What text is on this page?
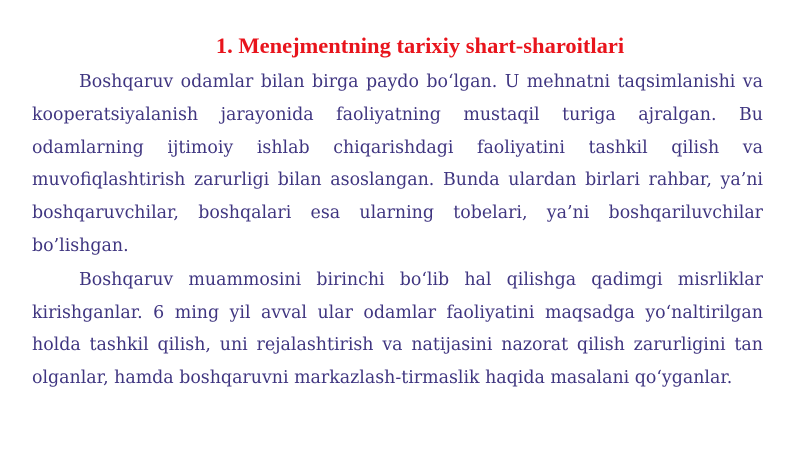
1. Menejmentning tarixiy shart-sharoitlari

Boshqaruv odamlar bilan birga paydo bo‘lgan. U mehnatni taqsimlanishi va kooperatsiyalanish jarayonida faoliyatning mustaqil turiga ajralgan. Bu odamlarning ijtimoiy ishlab chiqarishdagi faoliyatini tashkil qilish va muvofiqlashtirish zarurligi bilan asoslangan. Bunda ulardan birlari rahbar, ya’ni boshqaruvchilar, boshqalari esa ularning tobelari, ya’ni boshqariluvchilar bo’lishgan.

Boshqaruv muammosini birinchi bo‘lib hal qilishga qadimgi misrliklar kirishganlar. 6 ming yil avval ular odamlar faoliyatini maqsadga yo‘naltirilgan holda tashkil qilish, uni rejalashtirish va natijasini nazorat qilish zarurligini tan olganlar, hamda boshqaruvni markazlash-tirmaslik haqida masalani qo‘yganlar.
